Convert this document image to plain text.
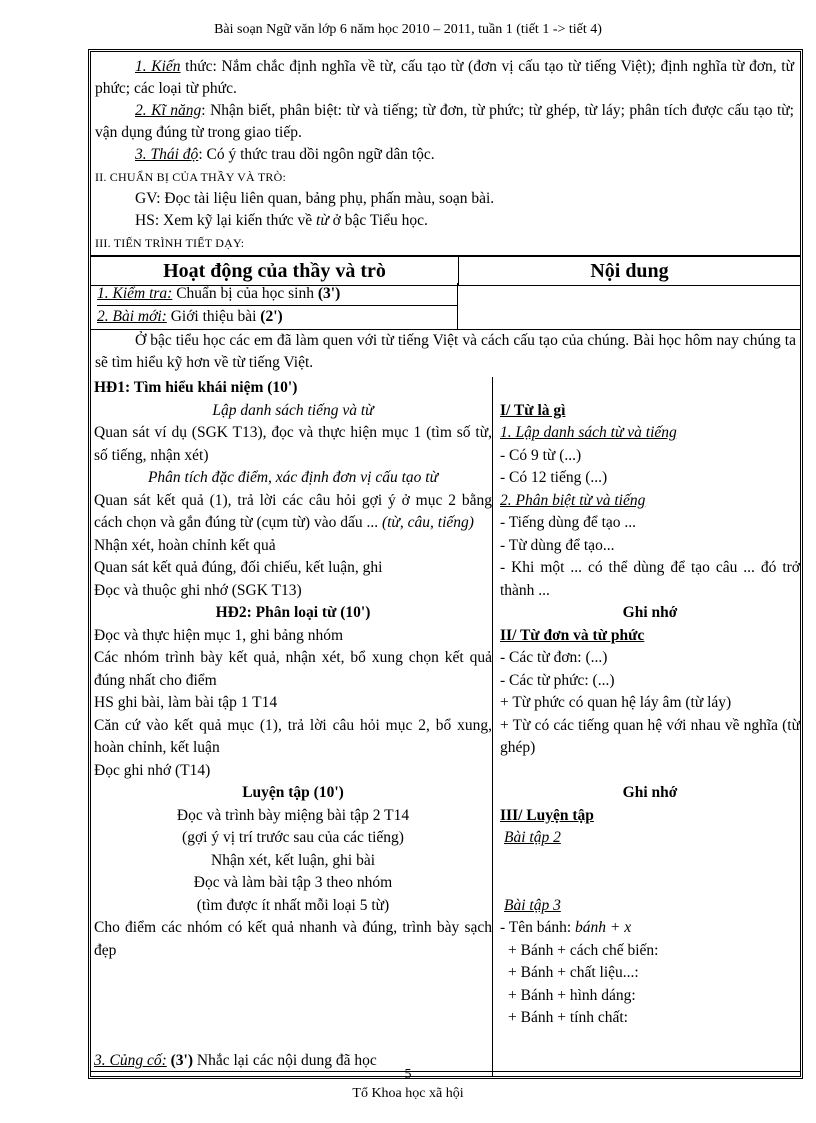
Bài soạn Ngữ văn lớp 6 năm học 2010 – 2011, tuần 1 (tiết 1 -> tiết 4)
1. Kiến thức: Nắm chắc định nghĩa về từ, cấu tạo từ (đơn vị cấu tạo từ tiếng Việt); định nghĩa từ đơn, từ phức; các loại từ phức.
2. Kĩ năng: Nhận biết, phân biệt: từ và tiếng; từ đơn, từ phức; từ ghép, từ láy; phân tích được cấu tạo từ; vận dụng đúng từ trong giao tiếp.
3. Thái độ: Có ý thức trau dồi ngôn ngữ dân tộc.
II. CHUẨN BỊ CỦA THẦY VÀ TRÒ:
GV: Đọc tài liệu liên quan, bảng phụ, phấn màu, soạn bài.
HS: Xem kỹ lại kiến thức về từ ở bậc Tiểu học.
III. TIẾN TRÌNH TIẾT DẠY:
Hoạt động của thầy và trò	Nội dung
1. Kiểm tra: Chuẩn bị của học sinh (3')
2. Bài mới: Giới thiệu bài (2')
Ở bậc tiểu học các em đã làm quen với từ tiếng Việt và cách cấu tạo của chúng. Bài học hôm nay chúng ta sẽ tìm hiểu kỹ hơn về từ tiếng Việt.
HĐ1: Tìm hiểu khái niệm (10')
Lập danh sách tiếng và từ
Quan sát ví dụ (SGK T13), đọc và thực hiện mục 1 (tìm số từ, số tiếng, nhận xét)
Phân tích đặc điểm, xác định đơn vị cấu tạo từ
Quan sát kết quả (1), trả lời các câu hỏi gợi ý ở mục 2 bằng cách chọn và gắn đúng từ (cụm từ) vào dấu ... (từ, câu, tiếng)
Nhận xét, hoàn chỉnh kết quả
Quan sát kết quả đúng, đối chiếu, kết luận, ghi
Đọc và thuộc ghi nhớ (SGK T13)
HĐ2: Phân loại từ (10')
Đọc và thực hiện mục 1, ghi bảng nhóm
Các nhóm trình bày kết quả, nhận xét, bổ xung chọn kết quả đúng nhất cho điểm
HS ghi bài, làm bài tập 1 T14
Căn cứ vào kết quả mục (1), trả lời câu hỏi mục 2, bổ xung, hoàn chỉnh, kết luận
Đọc ghi nhớ (T14)
Luyện tập (10')
Đọc và trình bày miệng bài tập 2 T14
(gợi ý vị trí trước sau của các tiếng)
Nhận xét, kết luận, ghi bài
Đọc và làm bài tập 3 theo nhóm
(tìm được ít nhất mỗi loại 5 từ)
Cho điểm các nhóm có kết quả nhanh và đúng, trình bày sạch đẹp
3. Củng cố: (3') Nhắc lại các nội dung đã học
I/ Từ là gì
1. Lập danh sách từ và tiếng
- Có 9 từ (...)
- Có 12 tiếng (...)
2. Phân biệt từ và tiếng
- Tiếng dùng để tạo ...
- Từ dùng để tạo...
- Khi một ... có thể dùng để tạo câu ... đó trở thành ...
Ghi nhớ
II/ Từ đơn và từ phức
- Các từ đơn: (...)
- Các từ phức: (...)
+ Từ phức có quan hệ láy âm (từ láy)
+ Từ có các tiếng quan hệ với nhau về nghĩa (từ ghép)
Ghi nhớ
III/ Luyện tập
Bài tập 2
Bài tập 3
- Tên bánh: bánh + x
+ Bánh + cách chế biến:
+ Bánh + chất liệu...:
+ Bánh + hình dáng:
+ Bánh + tính chất:
5
Tổ Khoa học xã hội
